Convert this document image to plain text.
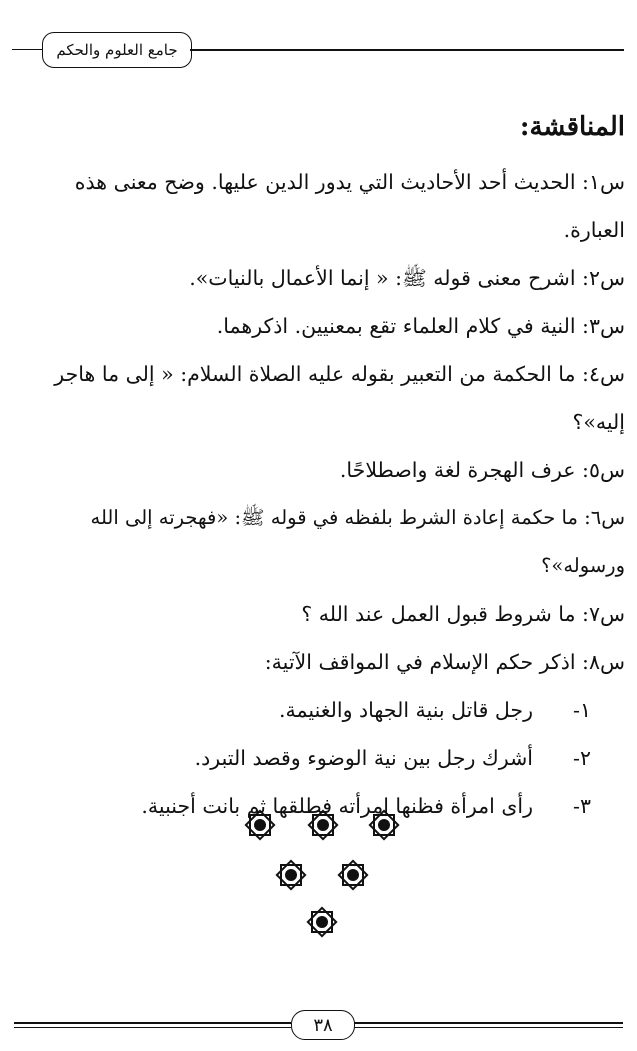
جامع العلوم والحكم
المناقشة:

س١: الحديث أحد الأحاديث التي يدور الدين عليها. وضح معنى هذه العبارة.

س٢: اشرح معنى قوله ﷺ: « إنما الأعمال بالنيات».

س٣: النية في كلام العلماء تقع بمعنيين. اذكرهما.

س٤: ما الحكمة من التعبير بقوله عليه الصلاة السلام: « إلى ما هاجر إليه»؟

س٥: عرف الهجرة لغة واصطلاحًا.

س٦: ما حكمة إعادة الشرط بلفظه في قوله ﷺ: «فهجرته إلى الله ورسوله»؟

س٧: ما شروط قبول العمل عند الله ؟

س٨: اذكر حكم الإسلام في المواقف الآتية:

١-
رجل قاتل بنية الجهاد والغنيمة.
٢-
أشرك رجل بين نية الوضوء وقصد التبرد.
٣-
رأى امرأة فظنها امرأته فطلقها ثم بانت أجنبية.
٣٨
